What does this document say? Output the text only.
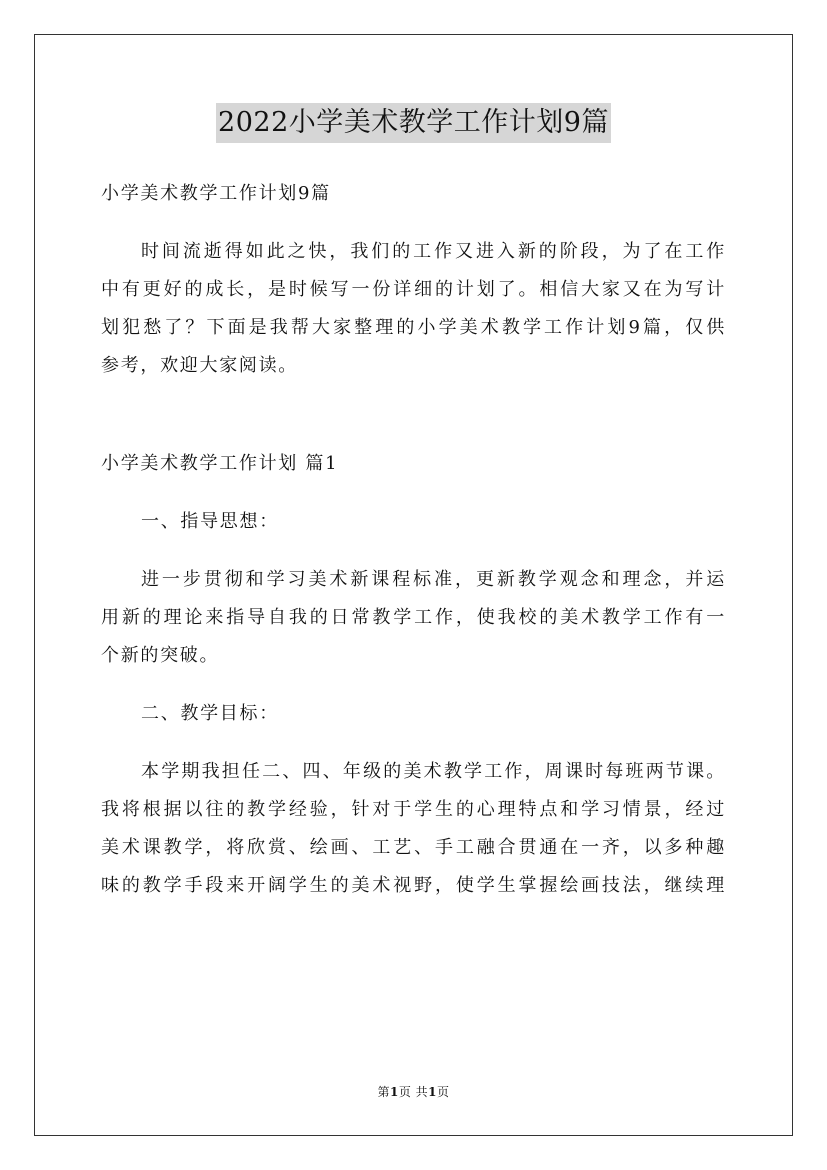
2022小学美术教学工作计划9篇

小学美术教学工作计划9篇

时间流逝得如此之快，我们的工作又进入新的阶段，为了在工作

中有更好的成长，是时候写一份详细的计划了。相信大家又在为写计

划犯愁了？下面是我帮大家整理的小学美术教学工作计划9篇，仅供

参考，欢迎大家阅读。

小学美术教学工作计划 篇1

一、指导思想：

进一步贯彻和学习美术新课程标准，更新教学观念和理念，并运

用新的理论来指导自我的日常教学工作，使我校的美术教学工作有一

个新的突破。

二、教学目标：

本学期我担任二、四、年级的美术教学工作，周课时每班两节课。

我将根据以往的教学经验，针对于学生的心理特点和学习情景，经过

美术课教学，将欣赏、绘画、工艺、手工融合贯通在一齐，以多种趣

味的教学手段来开阔学生的美术视野，使学生掌握绘画技法，继续理

第1页 共1页
